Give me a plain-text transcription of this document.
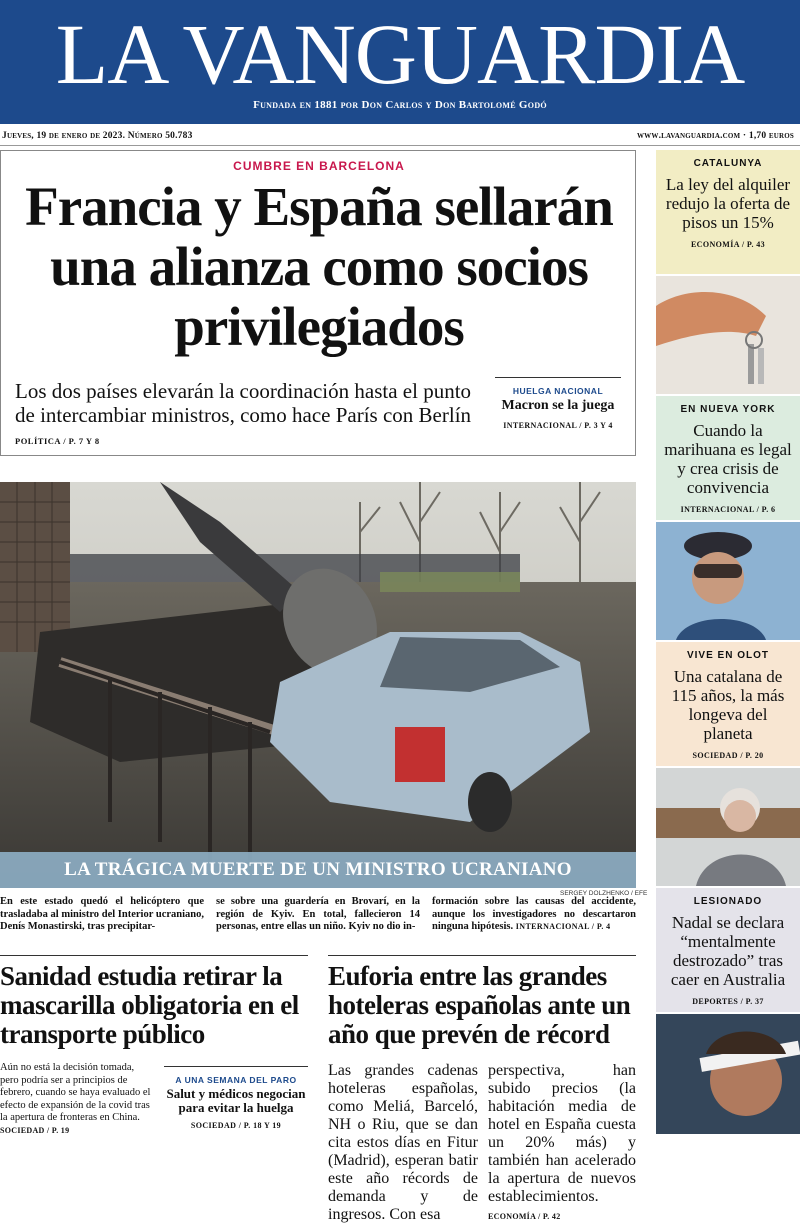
LA VANGUARDIA
Fundada en 1881 por Don Carlos y Don Bartolomé Godó
Jueves, 19 de enero de 2023. Número 50.783	www.lavanguardia.com · 1,70 euros
CUMBRE EN BARCELONA
Francia y España sellarán una alianza como socios privilegiados
Los dos países elevarán la coordinación hasta el punto de intercambiar ministros, como hace París con Berlín
POLÍTICA / P. 7 Y 8
HUELGA NACIONAL
Macron se la juega
INTERNACIONAL / P. 3 Y 4
LA TRÁGICA MUERTE DE UN MINISTRO UCRANIANO
SERGEY DOLZHENKO / EFE
En este estado quedó el helicóptero que trasladaba al ministro del Interior ucraniano, Denís Monastirski, tras precipitar-
se sobre una guardería en Brovarí, en la región de Kyiv. En total, fallecieron 14 personas, entre ellas un niño. Kyiv no dio in-
formación sobre las causas del accidente, aunque los investigadores no descartaron ninguna hipótesis. INTERNACIONAL / P. 4
Sanidad estudia retirar la mascarilla obligatoria en el transporte público
Aún no está la decisión tomada, pero podría ser a principios de febrero, cuando se haya evaluado el efecto de expansión de la covid tras la apertura de fronteras en China. SOCIEDAD / P. 19
A UNA SEMANA DEL PARO
Salut y médicos negocian para evitar la huelga
SOCIEDAD / P. 18 Y 19
Euforia entre las grandes hoteleras españolas ante un año que prevén de récord
Las grandes cadenas hoteleras españolas, como Meliá, Barceló, NH o Riu, que se dan cita estos días en Fitur (Madrid), esperan batir este año récords de demanda y de ingresos. Con esa
perspectiva, han subido precios (la habitación media de hotel en España cuesta un 20% más) y también han acelerado la apertura de nuevos establecimientos. ECONOMÍA / P. 42
CATALUNYA
La ley del alquiler redujo la oferta de pisos un 15%
ECONOMÍA / P. 43
EN NUEVA YORK
Cuando la marihuana es legal y crea crisis de convivencia
INTERNACIONAL / P. 6
VIVE EN OLOT
Una catalana de 115 años, la más longeva del planeta
SOCIEDAD / P. 20
LESIONADO
Nadal se declara “mentalmente destrozado” tras caer en Australia
DEPORTES / P. 37
